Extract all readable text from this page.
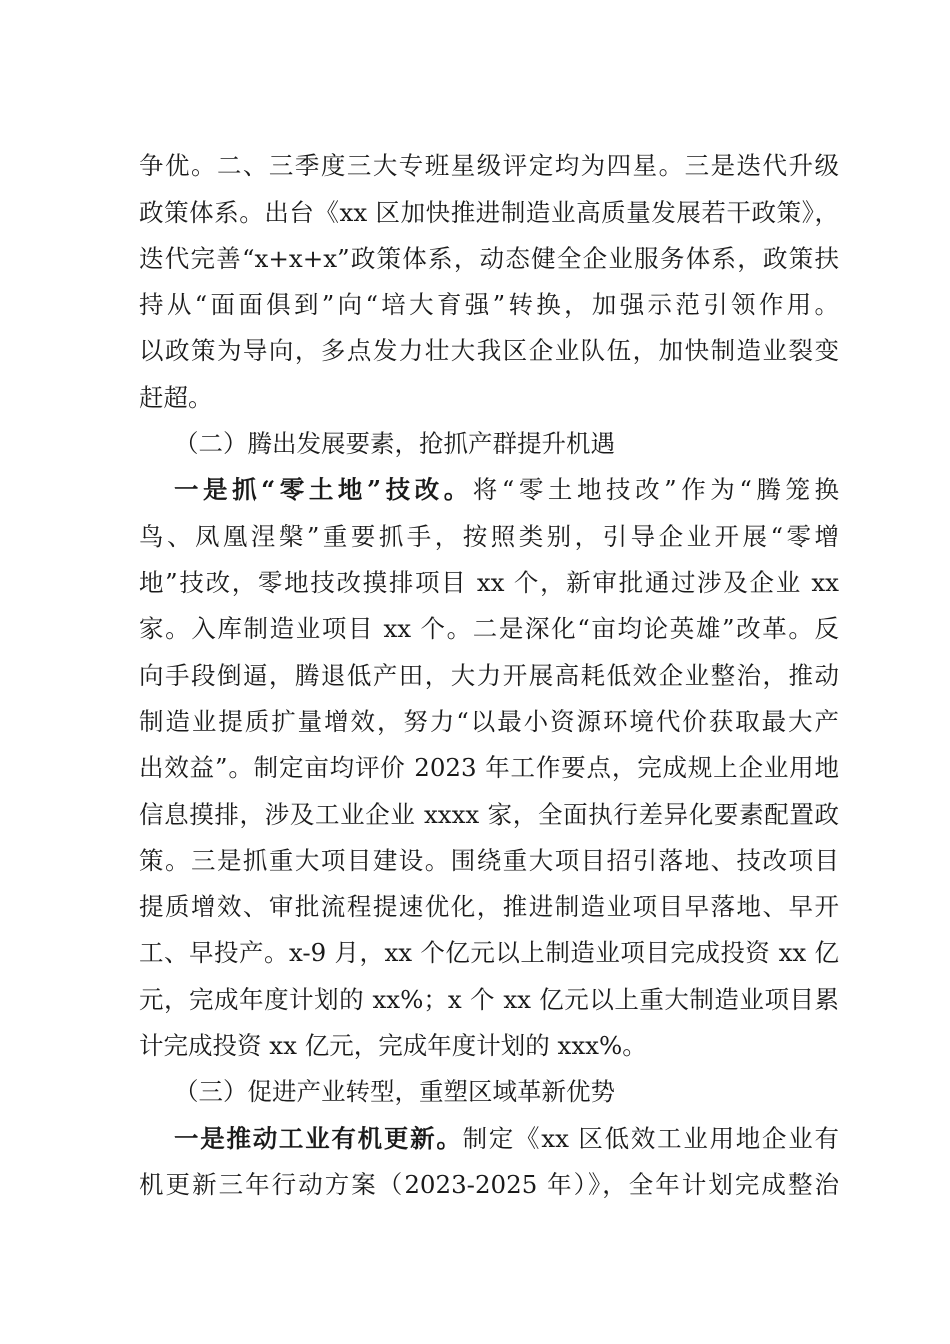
争优。二、三季度三大专班星级评定均为四星。三是迭代升级
政策体系。出台《xx 区加快推进制造业高质量发展若干政策》，
迭代完善“x+x+x”政策体系，动态健全企业服务体系，政策扶
持从“面面俱到”向“培大育强”转换，加强示范引领作用。
以政策为导向，多点发力壮大我区企业队伍，加快制造业裂变
赶超。
（二）腾出发展要素，抢抓产群提升机遇
一是抓“零土地”技改。将“零土地技改”作为“腾笼换
鸟、凤凰涅槃”重要抓手，按照类别，引导企业开展“零增
地”技改，零地技改摸排项目 xx 个，新审批通过涉及企业 xx
家。入库制造业项目 xx 个。二是深化“亩均论英雄”改革。反
向手段倒逼，腾退低产田，大力开展高耗低效企业整治，推动
制造业提质扩量增效，努力“以最小资源环境代价获取最大产
出效益”。制定亩均评价 2023 年工作要点，完成规上企业用地
信息摸排，涉及工业企业 xxxx 家，全面执行差异化要素配置政
策。三是抓重大项目建设。围绕重大项目招引落地、技改项目
提质增效、审批流程提速优化，推进制造业项目早落地、早开
工、早投产。x-9 月，xx 个亿元以上制造业项目完成投资 xx 亿
元，完成年度计划的 xx%；x 个 xx 亿元以上重大制造业项目累
计完成投资 xx 亿元，完成年度计划的 xxx%。
（三）促进产业转型，重塑区域革新优势
一是推动工业有机更新。制定《xx 区低效工业用地企业有
机更新三年行动方案（2023-2025 年）》，全年计划完成整治
